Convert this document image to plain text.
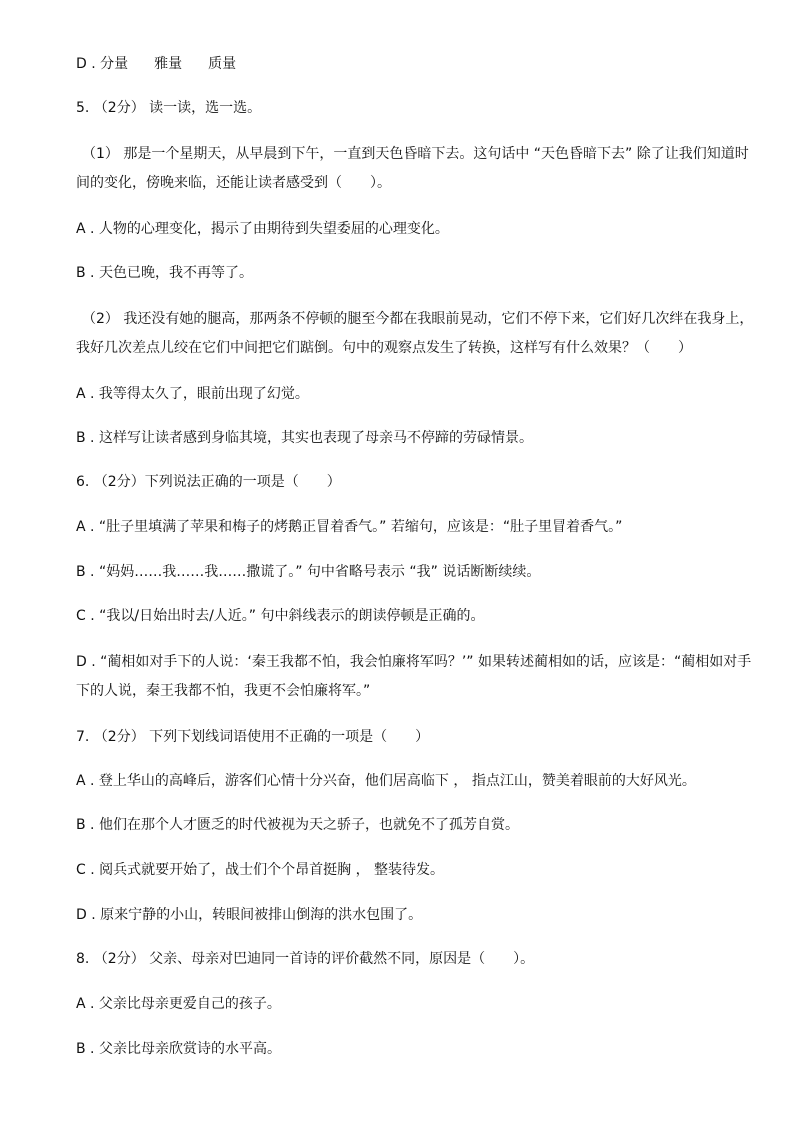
D . 分量 雅量 质量
5. （2分） 读一读，选一选。
（1） 那是一个星期天，从早晨到下午，一直到天色昏暗下去。这句话中 “天色昏暗下去” 除了让我们知道时间的变化，傍晚来临，还能让读者感受到（　　）。
A . 人物的心理变化，揭示了由期待到失望委屈的心理变化。
B . 天色已晚，我不再等了。
（2） 我还没有她的腿高，那两条不停顿的腿至今都在我眼前晃动，它们不停下来，它们好几次绊在我身上，我好几次差点儿绞在它们中间把它们踮倒。句中的观察点发生了转换，这样写有什么效果？（　　）
A . 我等得太久了，眼前出现了幻觉。
B . 这样写让读者感到身临其境，其实也表现了母亲马不停蹄的劳碌情景。
6. （2分）下列说法正确的一项是（　　）
A . “肚子里填满了苹果和梅子的烤鹅正冒着香气。” 若缩句，应该是：“肚子里冒着香气。”
B . “妈妈……我……我……撒谎了。” 句中省略号表示 “我” 说话断断续续。
C . “我以/日始出时去/人近。” 句中斜线表示的朗读停顿是正确的。
D . “蔺相如对手下的人说：‘秦王我都不怕，我会怕廉将军吗？’” 如果转述蔺相如的话，应该是：“蔺相如对手下的人说，秦王我都不怕，我更不会怕廉将军。”
7. （2分） 下列下划线词语使用不正确的一项是（　　）
A . 登上华山的高峰后，游客们心情十分兴奋，他们居高临下 ， 指点江山，赞美着眼前的大好风光。
B . 他们在那个人才匮乏的时代被视为天之骄子，也就免不了孤芳自赏。
C . 阅兵式就要开始了，战士们个个昂首挺胸 ， 整装待发。
D . 原来宁静的小山，转眼间被排山倒海的洪水包围了。
8. （2分） 父亲、母亲对巴迪同一首诗的评价截然不同，原因是（　　）。
A . 父亲比母亲更爱自己的孩子。
B . 父亲比母亲欣赏诗的水平高。
